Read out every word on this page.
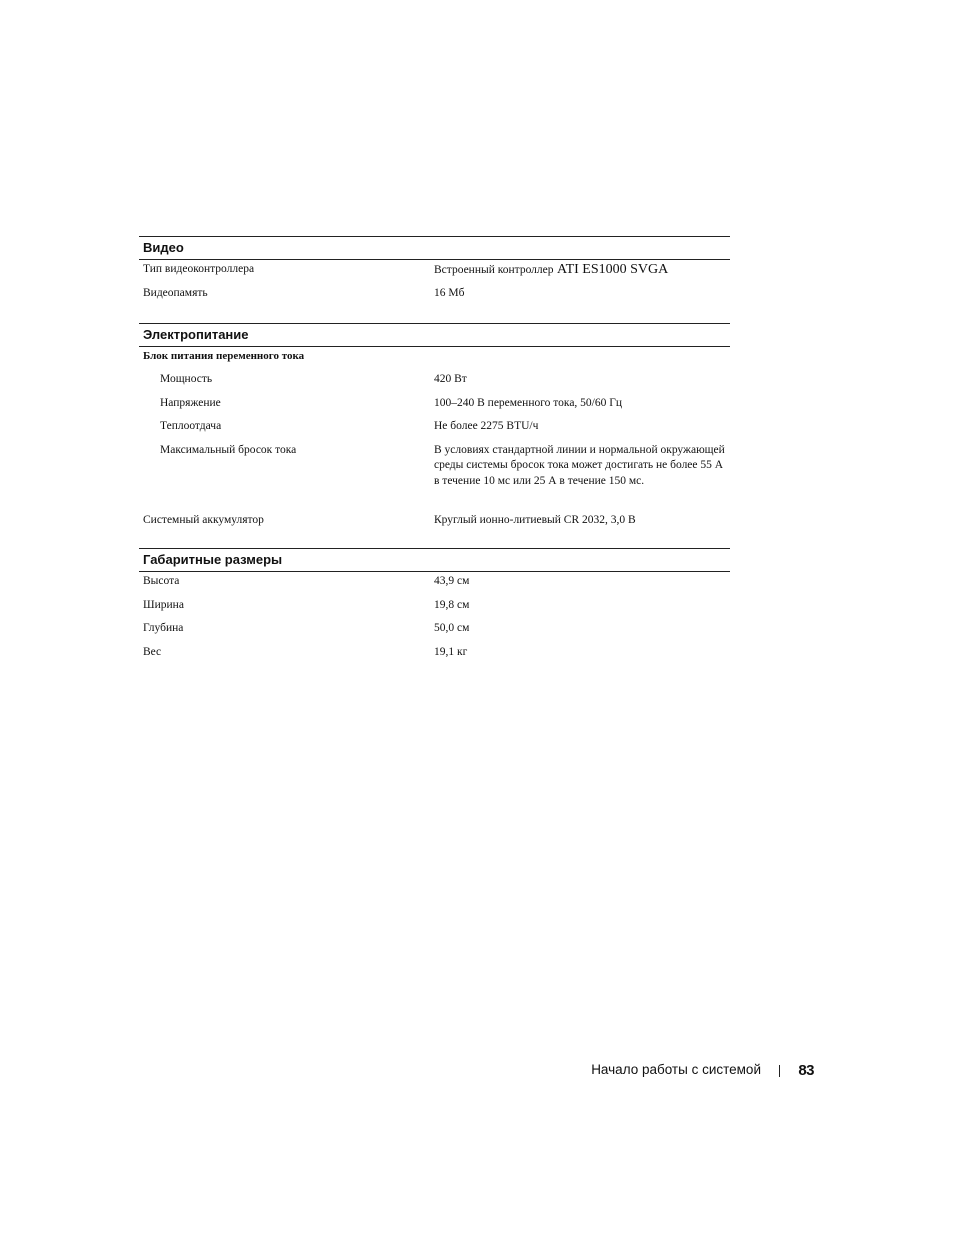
Видео
Тип видеоконтроллера	Встроенный контроллер ATI ES1000 SVGA
Видеопамять	16 Мб
Электропитание
Блок питания переменного тока
Мощность	420 Вт
Напряжение	100–240 В переменного тока, 50/60 Гц
Теплоотдача	Не более 2275 BTU/ч
Максимальный бросок тока	В условиях стандартной линии и нормальной окружающей среды системы бросок тока может достигать не более 55 А в течение 10 мс или 25 А в течение 150 мс.
Системный аккумулятор	Круглый ионно-литиевый CR 2032, 3,0 В
Габаритные размеры
Высота	43,9 см
Ширина	19,8 см
Глубина	50,0 см
Вес	19,1 кг
Начало работы с системой 83
